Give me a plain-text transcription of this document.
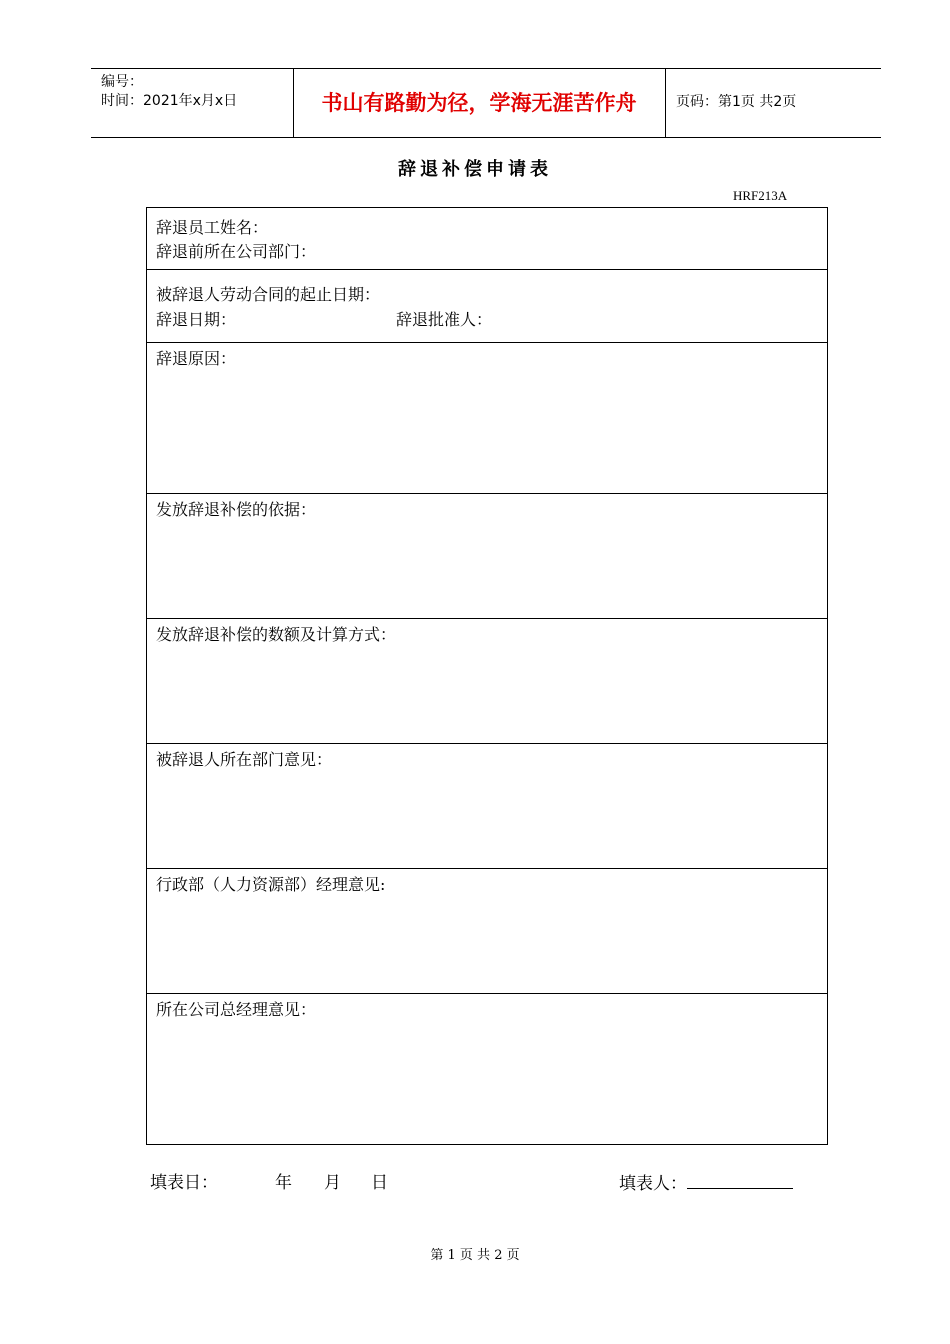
编号：
时间：2021年x月x日	书山有路勤为径，学海无涯苦作舟	页码：第1页 共2页
辞退补偿申请表
HRF213A
辞退员工姓名：
辞退前所在公司部门：
被辞退人劳动合同的起止日期：
辞退日期：	辞退批准人：
辞退原因：
发放辞退补偿的依据：
发放辞退补偿的数额及计算方式：
被辞退人所在部门意见：
行政部（人力资源部）经理意见:
所在公司总经理意见：
填表日：	年 月 日	填表人：
第 1 页 共 2 页
